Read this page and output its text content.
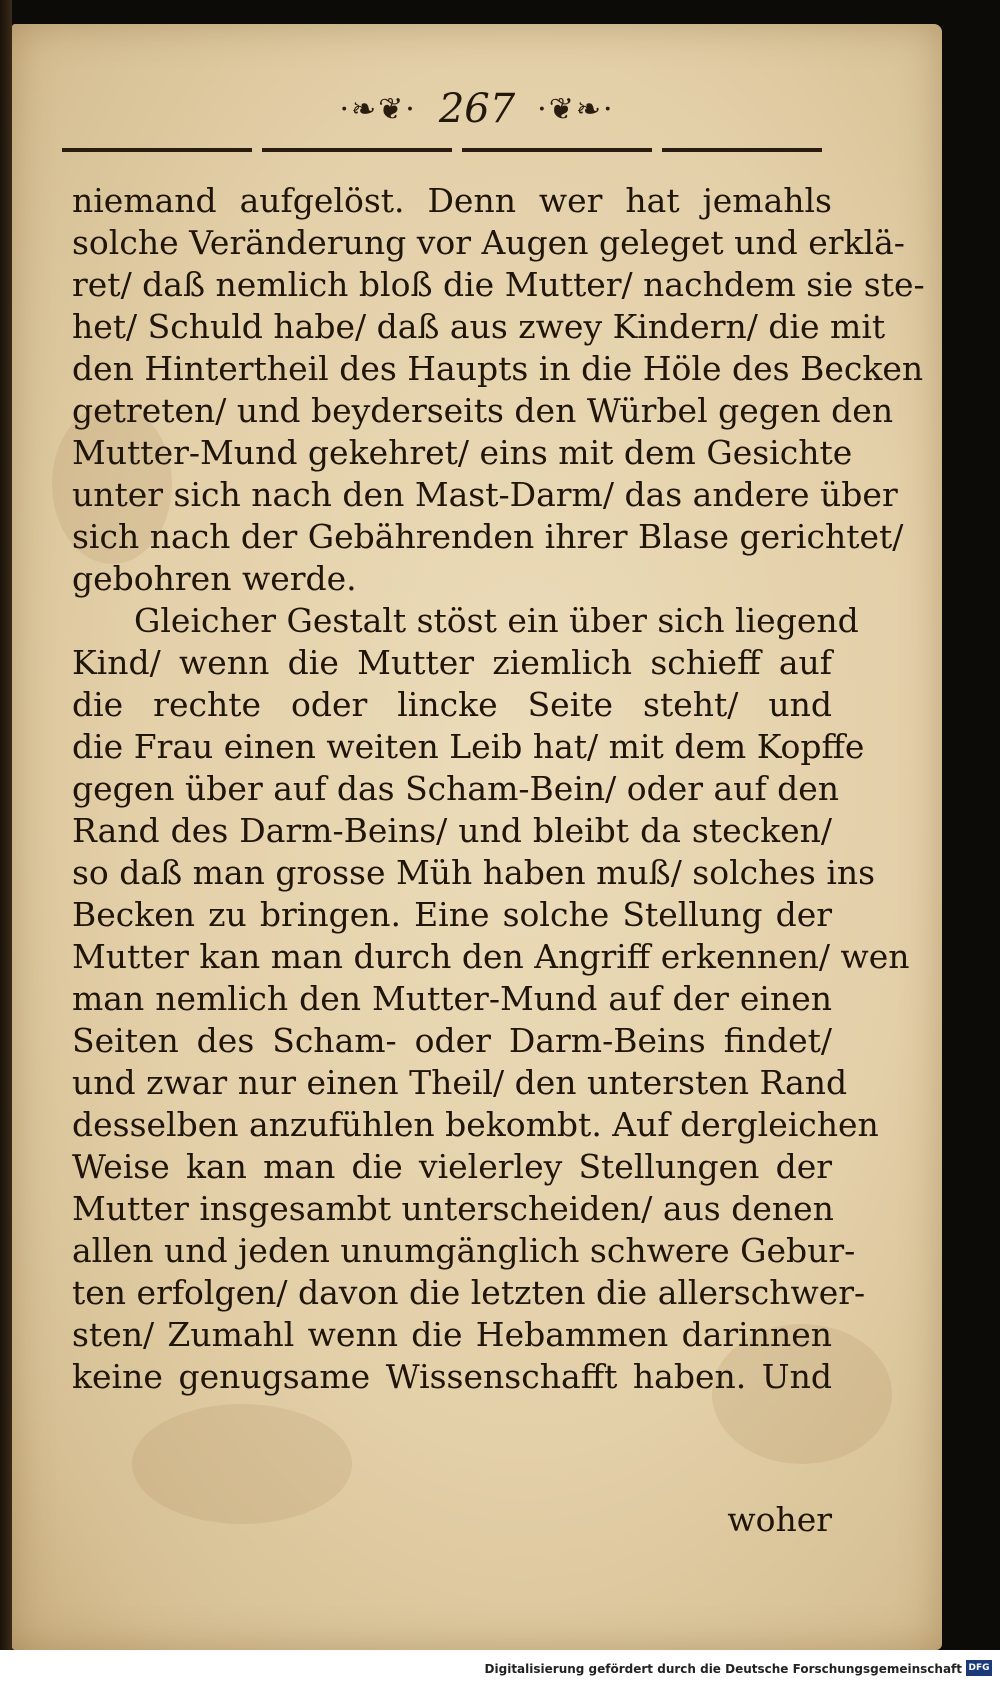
·❧❦· 267 ·❦❧·
niemand aufgelöst. Denn wer hat jemahls
solche Veränderung vor Augen geleget und erklä-
ret/ daß nemlich bloß die Mutter/ nachdem sie ste-
het/ Schuld habe/ daß aus zwey Kindern/ die mit
den Hintertheil des Haupts in die Höle des Becken
getreten/ und beyderseits den Würbel gegen den
Mutter-Mund gekehret/ eins mit dem Gesichte
unter sich nach den Mast-Darm/ das andere über
sich nach der Gebährenden ihrer Blase gerichtet/
gebohren werde.
Gleicher Gestalt stöst ein über sich liegend
Kind/ wenn die Mutter ziemlich schieff auf
die rechte oder lincke Seite steht/ und
die Frau einen weiten Leib hat/ mit dem Kopffe
gegen über auf das Scham-Bein/ oder auf den
Rand des Darm-Beins/ und bleibt da stecken/
so daß man grosse Müh haben muß/ solches ins
Becken zu bringen. Eine solche Stellung der
Mutter kan man durch den Angriff erkennen/ wen
man nemlich den Mutter-Mund auf der einen
Seiten des Scham- oder Darm-Beins findet/
und zwar nur einen Theil/ den untersten Rand
desselben anzufühlen bekombt. Auf dergleichen
Weise kan man die vielerley Stellungen der
Mutter insgesambt unterscheiden/ aus denen
allen und jeden unumgänglich schwere Gebur-
ten erfolgen/ davon die letzten die allerschwer-
sten/ Zumahl wenn die Hebammen darinnen
keine genugsame Wissenschafft haben. Und
woher
Digitalisierung gefördert durch die Deutsche Forschungsgemeinschaft DFG
